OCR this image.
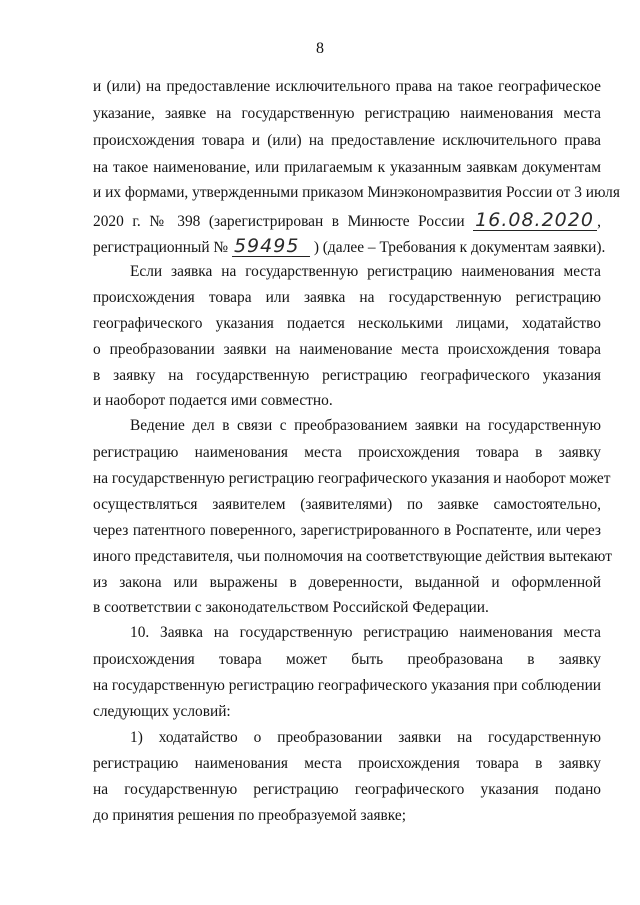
8
и (или) на предоставление исключительного права на такое географическое
указание, заявке на государственную регистрацию наименования места
происхождения товара и (или) на предоставление исключительного права
на такое наименование, или прилагаемым к указанным заявкам документам
и их формами, утвержденными приказом Минэкономразвития России от 3 июля
2020 г. № 398 (зарегистрирован в Минюсте России 16.08.2020 ,
регистрационный № 59495 ) (далее – Требования к документам заявки).
Если заявка на государственную регистрацию наименования места
происхождения товара или заявка на государственную регистрацию
географического указания подается несколькими лицами, ходатайство
о преобразовании заявки на наименование места происхождения товара
в заявку на государственную регистрацию географического указания
и наоборот подается ими совместно.
Ведение дел в связи с преобразованием заявки на государственную
регистрацию наименования места происхождения товара в заявку
на государственную регистрацию географического указания и наоборот может
осуществляться заявителем (заявителями) по заявке самостоятельно,
через патентного поверенного, зарегистрированного в Роспатенте, или через
иного представителя, чьи полномочия на соответствующие действия вытекают
из закона или выражены в доверенности, выданной и оформленной
в соответствии с законодательством Российской Федерации.
10. Заявка на государственную регистрацию наименования места
происхождения товара может быть преобразована в заявку
на государственную регистрацию географического указания при соблюдении
следующих условий:
1) ходатайство о преобразовании заявки на государственную
регистрацию наименования места происхождения товара в заявку
на государственную регистрацию географического указания подано
до принятия решения по преобразуемой заявке;
